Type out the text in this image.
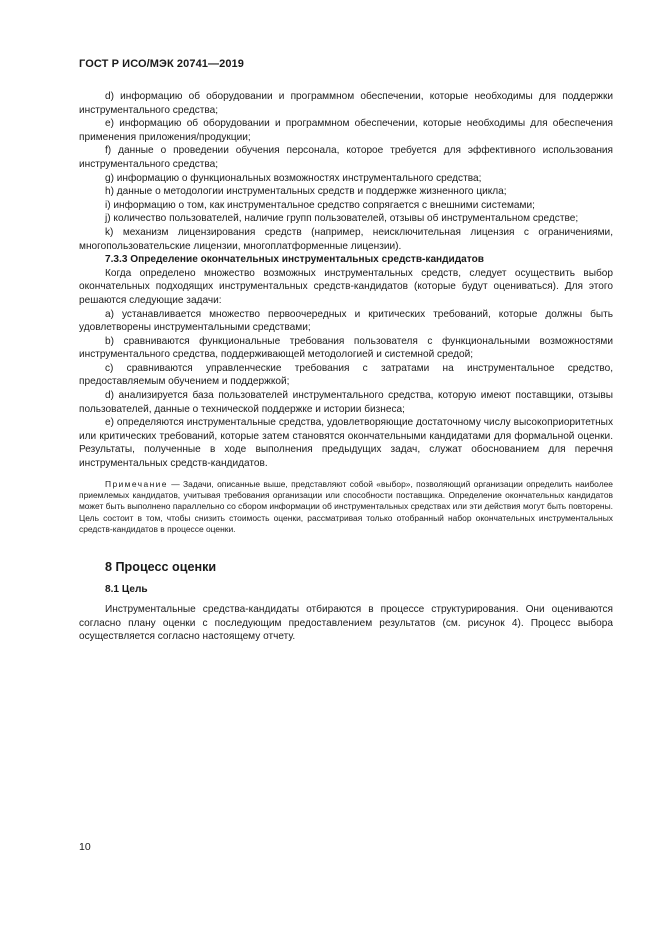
ГОСТ Р ИСО/МЭК 20741—2019

d) информацию об оборудовании и программном обеспечении, которые необходимы для поддержки инструментального средства;

e) информацию об оборудовании и программном обеспечении, которые необходимы для обеспечения применения приложения/продукции;

f) данные о проведении обучения персонала, которое требуется для эффективного использования инструментального средства;

g) информацию о функциональных возможностях инструментального средства;

h) данные о методологии инструментальных средств и поддержке жизненного цикла;

i) информацию о том, как инструментальное средство сопрягается с внешними системами;

j) количество пользователей, наличие групп пользователей, отзывы об инструментальном средстве;

k) механизм лицензирования средств (например, неисключительная лицензия с ограничениями, многопользовательские лицензии, многоплатформенные лицензии).

7.3.3 Определение окончательных инструментальных средств-кандидатов

Когда определено множество возможных инструментальных средств, следует осуществить выбор окончательных подходящих инструментальных средств-кандидатов (которые будут оцениваться). Для этого решаются следующие задачи:

a) устанавливается множество первоочередных и критических требований, которые должны быть удовлетворены инструментальными средствами;

b) сравниваются функциональные требования пользователя с функциональными возможностями инструментального средства, поддерживающей методологией и системной средой;

c) сравниваются управленческие требования с затратами на инструментальное средство, предоставляемым обучением и поддержкой;

d) анализируется база пользователей инструментального средства, которую имеют поставщики, отзывы пользователей, данные о технической поддержке и истории бизнеса;

e) определяются инструментальные средства, удовлетворяющие достаточному числу высокоприоритетных или критических требований, которые затем становятся окончательными кандидатами для формальной оценки. Результаты, полученные в ходе выполнения предыдущих задач, служат обоснованием для перечня инструментальных средств-кандидатов.

Примечание — Задачи, описанные выше, представляют собой «выбор», позволяющий организации определить наиболее приемлемых кандидатов, учитывая требования организации или способности поставщика. Определение окончательных кандидатов может быть выполнено параллельно со сбором информации об инструментальных средствах или эти действия могут быть повторены. Цель состоит в том, чтобы снизить стоимость оценки, рассматривая только отобранный набор окончательных инструментальных средств-кандидатов в процессе оценки.

8 Процесс оценки
8.1 Цель

Инструментальные средства-кандидаты отбираются в процессе структурирования. Они оцениваются согласно плану оценки с последующим предоставлением результатов (см. рисунок 4). Процесс выбора осуществляется согласно настоящему отчету.

10
